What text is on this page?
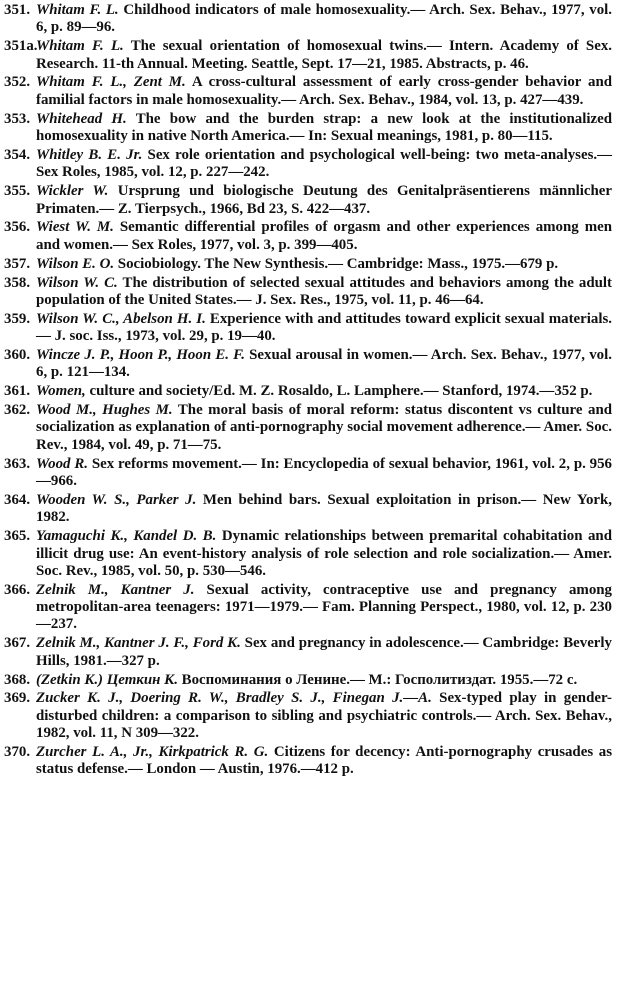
351. Whitam F. L. Childhood indicators of male homosexuality.— Arch. Sex. Behav., 1977, vol. 6, p. 89—96.
351a.
Whitam F. L. The sexual orientation of homosexual twins.— Intern. Academy of Sex. Research. 11-th Annual. Meeting. Seattle, Sept. 17—21, 1985. Abstracts, p. 46.
352. Whitam F. L., Zent M. A cross-cultural assessment of early cross-gender behavior and familial factors in male homosexuality.— Arch. Sex. Behav., 1984, vol. 13, p. 427—439.
353. Whitehead H. The bow and the burden strap: a new look at the institutionalized homosexuality in native North America.— In: Sexual meanings, 1981, p. 80—115.
354. Whitley B. E. Jr. Sex role orientation and psychological well-being: two meta-analyses.— Sex Roles, 1985, vol. 12, p. 227—242.
355. Wickler W. Ursprung und biologische Deutung des Genitalpräsentierens männlicher Primaten.— Z. Tierpsych., 1966, Bd 23, S. 422—437.
356. Wiest W. M. Semantic differential profiles of orgasm and other experiences among men and women.— Sex Roles, 1977, vol. 3, p. 399—405.
357. Wilson E. O. Sociobiology. The New Synthesis.— Cambridge: Mass., 1975.—679 p.
358. Wilson W. C. The distribution of selected sexual attitudes and behaviors among the adult population of the United States.— J. Sex. Res., 1975, vol. 11, p. 46—64.
359. Wilson W. C., Abelson H. I. Experience with and attitudes toward explicit sexual materials.— J. soc. Iss., 1973, vol. 29, p. 19—40.
360. Wincze J. P., Hoon P., Hoon E. F. Sexual arousal in women.— Arch. Sex. Behav., 1977, vol. 6, p. 121—134.
361. Women, culture and society/Ed. M. Z. Rosaldo, L. Lamphere.— Stanford, 1974.—352 p.
362. Wood M., Hughes M. The moral basis of moral reform: status discontent vs culture and socialization as explanation of anti-pornography social movement adherence.— Amer. Soc. Rev., 1984, vol. 49, p. 71—75.
363. Wood R. Sex reforms movement.— In: Encyclopedia of sexual behavior, 1961, vol. 2, p. 956—966.
364. Wooden W. S., Parker J. Men behind bars. Sexual exploitation in prison.— New York, 1982.
365. Yamaguchi K., Kandel D. B. Dynamic relationships between premarital cohabitation and illicit drug use: An event-history analysis of role selection and role socialization.— Amer. Soc. Rev., 1985, vol. 50, p. 530—546.
366. Zelnik M., Kantner J. Sexual activity, contraceptive use and pregnancy among metropolitan-area teenagers: 1971—1979.— Fam. Planning Perspect., 1980, vol. 12, p. 230—237.
367. Zelnik M., Kantner J. F., Ford K. Sex and pregnancy in adolescence.— Cambridge: Beverly Hills, 1981.—327 p.
368. (Zetkin K.) Цеткин К. Воспоминания о Ленине.— М.: Госполитиздат. 1955.—72 с.
369. Zucker K. J., Doering R. W., Bradley S. J., Finegan J.—A. Sex-typed play in gender-disturbed children: a comparison to sibling and psychiatric controls.— Arch. Sex. Behav., 1982, vol. 11, N 309—322.
370. Zurcher L. A., Jr., Kirkpatrick R. G. Citizens for decency: Anti-pornography crusades as status defense.— London — Austin, 1976.—412 p.
